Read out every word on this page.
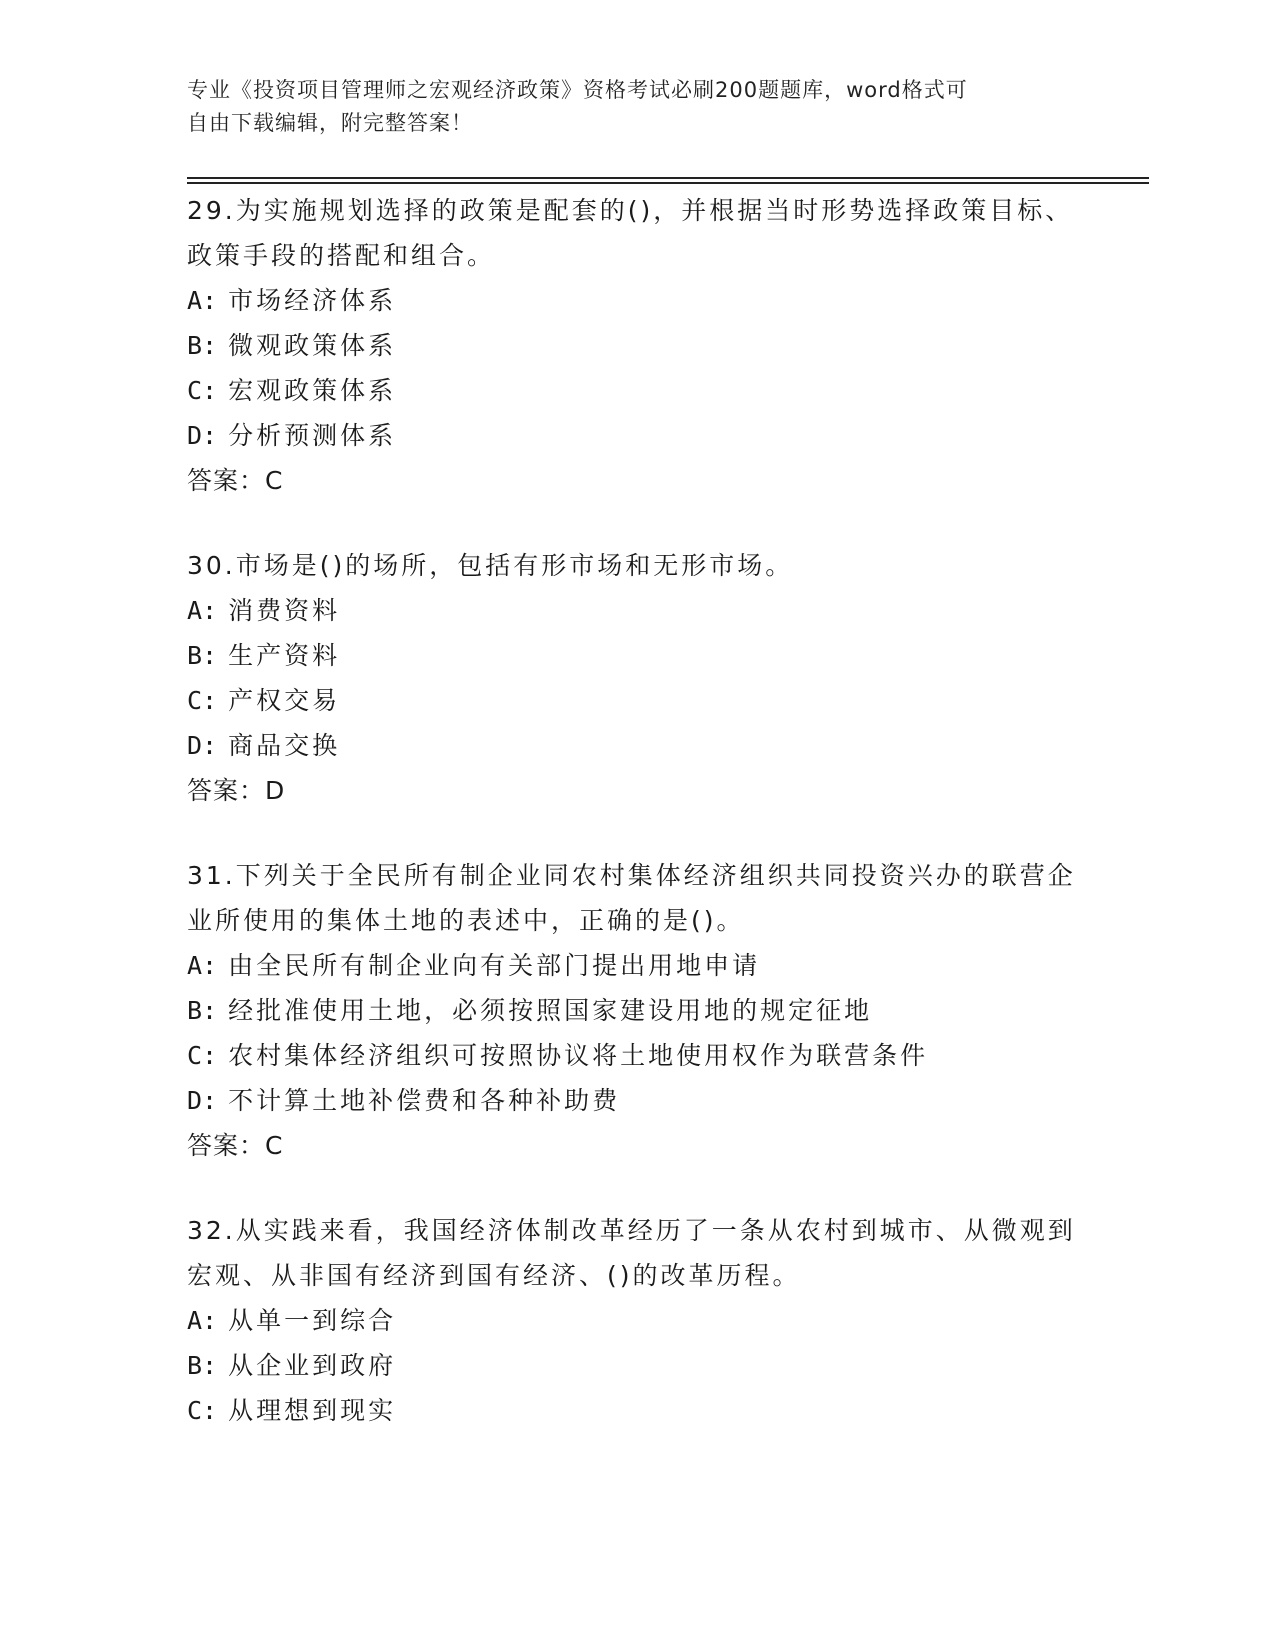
专业《投资项目管理师之宏观经济政策》资格考试必刷200题题库，word格式可
自由下载编辑，附完整答案！

29.为实施规划选择的政策是配套的()，并根据当时形势选择政策目标、政策手段的搭配和组合。

A: 市场经济体系

B: 微观政策体系

C: 宏观政策体系

D: 分析预测体系

答案：C

30.市场是()的场所，包括有形市场和无形市场。

A: 消费资料

B: 生产资料

C: 产权交易

D: 商品交换

答案：D

31.下列关于全民所有制企业同农村集体经济组织共同投资兴办的联营企业所使用的集体土地的表述中，正确的是()。

A: 由全民所有制企业向有关部门提出用地申请

B: 经批准使用土地，必须按照国家建设用地的规定征地

C: 农村集体经济组织可按照协议将土地使用权作为联营条件

D: 不计算土地补偿费和各种补助费

答案：C

32.从实践来看，我国经济体制改革经历了一条从农村到城市、从微观到宏观、从非国有经济到国有经济、()的改革历程。

A: 从单一到综合

B: 从企业到政府

C: 从理想到现实
